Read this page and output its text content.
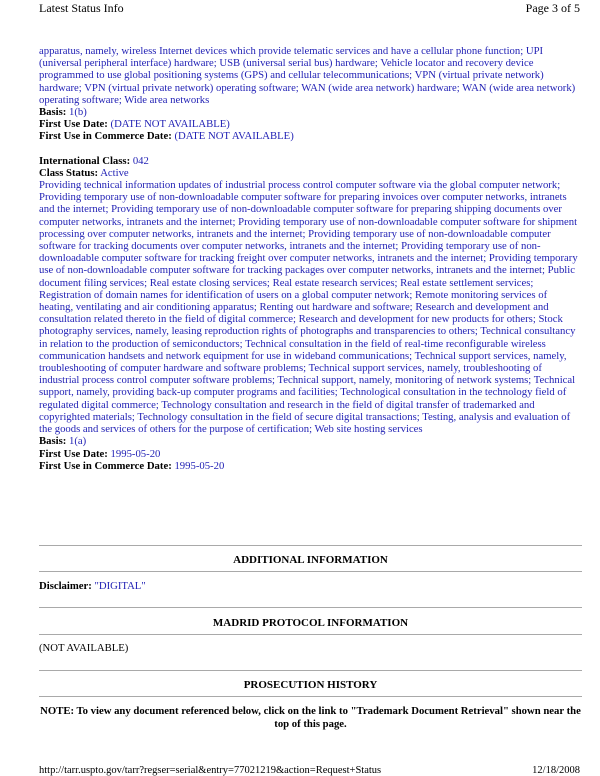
Latest Status Info	Page 3 of 5

apparatus, namely, wireless Internet devices which provide telematic services and have a cellular phone function; UPI (universal peripheral interface) hardware; USB (universal serial bus) hardware; Vehicle locator and recovery device programmed to use global positioning systems (GPS) and cellular telecommunications; VPN (virtual private network) hardware; VPN (virtual private network) operating software; WAN (wide area network) hardware; WAN (wide area network) operating software; Wide area networks

Basis: 1(b)
First Use Date: (DATE NOT AVAILABLE)
First Use in Commerce Date: (DATE NOT AVAILABLE)
International Class: 042
Class Status: Active

Providing technical information updates of industrial process control computer software via the global computer network; Providing temporary use of non-downloadable computer software for preparing invoices over computer networks, intranets and the internet; Providing temporary use of non-downloadable computer software for preparing shipping documents over computer networks, intranets and the internet; Providing temporary use of non-downloadable computer software for shipment processing over computer networks, intranets and the internet; Providing temporary use of non-downloadable computer software for tracking documents over computer networks, intranets and the internet; Providing temporary use of non-downloadable computer software for tracking freight over computer networks, intranets and the internet; Providing temporary use of non-downloadable computer software for tracking packages over computer networks, intranets and the internet; Public document filing services; Real estate closing services; Real estate research services; Real estate settlement services; Registration of domain names for identification of users on a global computer network; Remote monitoring services of heating, ventilating and air conditioning apparatus; Renting out hardware and software; Research and development and consultation related thereto in the field of digital commerce; Research and development for new products for others; Stock photography services, namely, leasing reproduction rights of photographs and transparencies to others; Technical consultancy in relation to the production of semiconductors; Technical consultation in the field of real-time reconfigurable wireless communication handsets and network equipment for use in wideband communications; Technical support services, namely, troubleshooting of computer hardware and software problems; Technical support services, namely, troubleshooting of industrial process control computer software problems; Technical support, namely, monitoring of network systems; Technical support, namely, providing back-up computer programs and facilities; Technological consultation in the technology field of regulated digital commerce; Technology consultation and research in the field of digital transfer of trademarked and copyrighted materials; Technology consultation in the field of secure digital transactions; Testing, analysis and evaluation of the goods and services of others for the purpose of certification; Web site hosting services

Basis: 1(a)
First Use Date: 1995-05-20
First Use in Commerce Date: 1995-05-20
ADDITIONAL INFORMATION
Disclaimer: "DIGITAL"
MADRID PROTOCOL INFORMATION
(NOT AVAILABLE)
PROSECUTION HISTORY
NOTE: To view any document referenced below, click on the link to "Trademark Document Retrieval" shown near the top of this page.
http://tarr.uspto.gov/tarr?regser=serial&entry=77021219&action=Request+Status	12/18/2008
